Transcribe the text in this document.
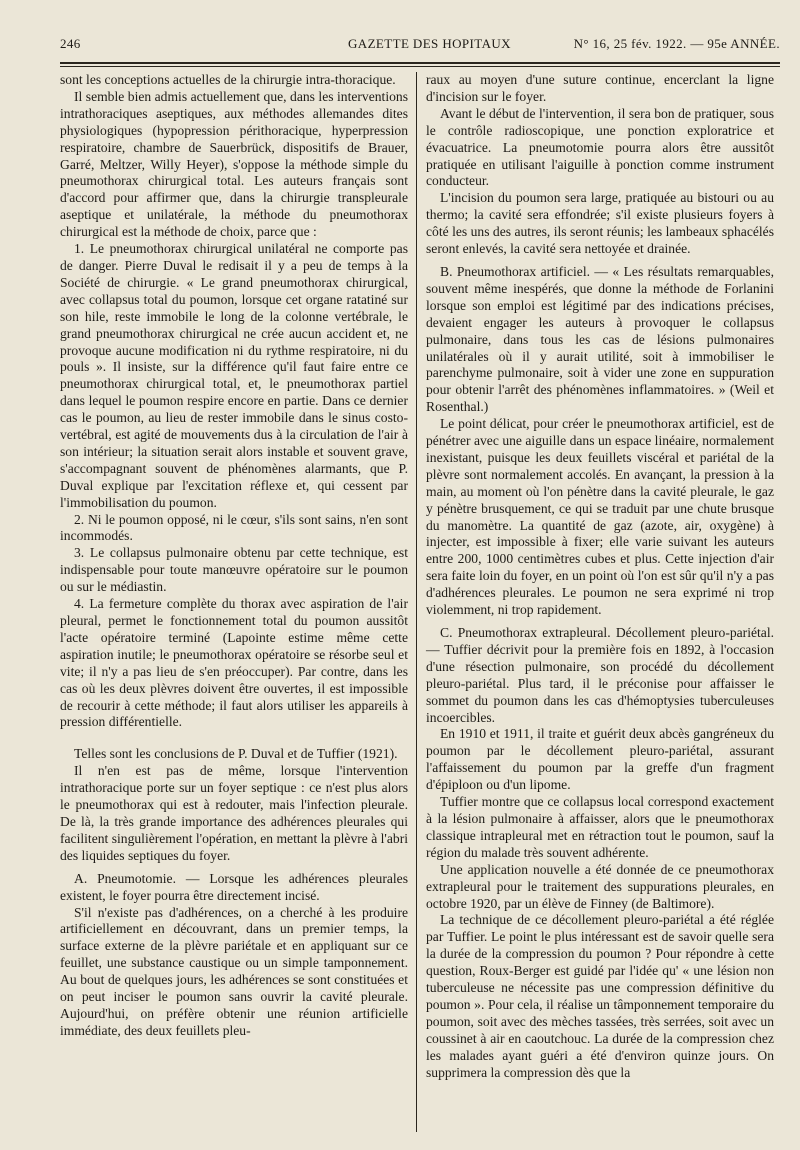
246	GAZETTE DES HOPITAUX	N° 16, 25 fév. 1922. — 95e ANNÉE.

sont les conceptions actuelles de la chirurgie intra-thoracique.

Il semble bien admis actuellement que, dans les interventions intrathoraciques aseptiques, aux méthodes allemandes dites physiologiques (hypopression périthoracique, hyperpression respiratoire, chambre de Sauerbrück, dispositifs de Brauer, Garré, Meltzer, Willy Heyer), s'oppose la méthode simple du pneumothorax chirurgical total. Les auteurs français sont d'accord pour affirmer que, dans la chirurgie transpleurale aseptique et unilatérale, la méthode du pneumothorax chirurgical est la méthode de choix, parce que :

1. Le pneumothorax chirurgical unilatéral ne comporte pas de danger. Pierre Duval le redisait il y a peu de temps à la Société de chirurgie. « Le grand pneumothorax chirurgical, avec collapsus total du poumon, lorsque cet organe ratatiné sur son hile, reste immobile le long de la colonne vertébrale, le grand pneumothorax chirurgical ne crée aucun accident et, ne provoque aucune modification ni du rythme respiratoire, ni du pouls ». Il insiste, sur la différence qu'il faut faire entre ce pneumothorax chirurgical total, et, le pneumothorax partiel dans lequel le poumon respire encore en partie. Dans ce dernier cas le poumon, au lieu de rester immobile dans le sinus costo-vertébral, est agité de mouvements dus à la circulation de l'air à son intérieur; la situation serait alors instable et souvent grave, s'accompagnant souvent de phénomènes alarmants, que P. Duval explique par l'excitation réflexe et, qui cessent par l'immobilisation du poumon.

2. Ni le poumon opposé, ni le cœur, s'ils sont sains, n'en sont incommodés.

3. Le collapsus pulmonaire obtenu par cette technique, est indispensable pour toute manœuvre opératoire sur le poumon ou sur le médiastin.

4. La fermeture complète du thorax avec aspiration de l'air pleural, permet le fonctionnement total du poumon aussitôt l'acte opératoire terminé (Lapointe estime même cette aspiration inutile; le pneumothorax opératoire se résorbe seul et vite; il n'y a pas lieu de s'en préoccuper). Par contre, dans les cas où les deux plèvres doivent être ouvertes, il est impossible de recourir à cette méthode; il faut alors utiliser les appareils à pression différentielle.

Telles sont les conclusions de P. Duval et de Tuffier (1921).

Il n'en est pas de même, lorsque l'intervention intrathoracique porte sur un foyer septique : ce n'est plus alors le pneumothorax qui est à redouter, mais l'infection pleurale. De là, la très grande importance des adhérences pleurales qui facilitent singulièrement l'opération, en mettant la plèvre à l'abri des liquides septiques du foyer.

A. Pneumotomie. — Lorsque les adhérences pleurales existent, le foyer pourra être directement incisé.

S'il n'existe pas d'adhérences, on a cherché à les produire artificiellement en découvrant, dans un premier temps, la surface externe de la plèvre pariétale et en appliquant sur ce feuillet, une substance caustique ou un simple tamponnement. Au bout de quelques jours, les adhérences se sont constituées et on peut inciser le poumon sans ouvrir la cavité pleurale. Aujourd'hui, on préfère obtenir une réunion artificielle immédiate, des deux feuillets pleu-

raux au moyen d'une suture continue, encerclant la ligne d'incision sur le foyer.

Avant le début de l'intervention, il sera bon de pratiquer, sous le contrôle radioscopique, une ponction exploratrice et évacuatrice. La pneumotomie pourra alors être aussitôt pratiquée en utilisant l'aiguille à ponction comme instrument conducteur.

L'incision du poumon sera large, pratiquée au bistouri ou au thermo; la cavité sera effondrée; s'il existe plusieurs foyers à côté les uns des autres, ils seront réunis; les lambeaux sphacélés seront enlevés, la cavité sera nettoyée et drainée.

B. Pneumothorax artificiel. — « Les résultats remarquables, souvent même inespérés, que donne la méthode de Forlanini lorsque son emploi est légitimé par des indications précises, devaient engager les auteurs à provoquer le collapsus pulmonaire, dans tous les cas de lésions pulmonaires unilatérales où il y aurait utilité, soit à immobiliser le parenchyme pulmonaire, soit à vider une zone en suppuration pour obtenir l'arrêt des phénomènes inflammatoires. » (Weil et Rosenthal.)

Le point délicat, pour créer le pneumothorax artificiel, est de pénétrer avec une aiguille dans un espace linéaire, normalement inexistant, puisque les deux feuillets viscéral et pariétal de la plèvre sont normalement accolés. En avançant, la pression à la main, au moment où l'on pénètre dans la cavité pleurale, le gaz y pénètre brusquement, ce qui se traduit par une chute brusque du manomètre. La quantité de gaz (azote, air, oxygène) à injecter, est impossible à fixer; elle varie suivant les auteurs entre 200, 1000 centimètres cubes et plus. Cette injection d'air sera faite loin du foyer, en un point où l'on est sûr qu'il n'y a pas d'adhérences pleurales. Le poumon ne sera exprimé ni trop violemment, ni trop rapidement.

C. Pneumothorax extrapleural. Décollement pleuro-pariétal. — Tuffier décrivit pour la première fois en 1892, à l'occasion d'une résection pulmonaire, son procédé du décollement pleuro-pariétal. Plus tard, il le préconise pour affaisser le sommet du poumon dans les cas d'hémoptysies tuberculeuses incoercibles.

En 1910 et 1911, il traite et guérit deux abcès gangréneux du poumon par le décollement pleuro-pariétal, assurant l'affaissement du poumon par la greffe d'un fragment d'épiploon ou d'un lipome.

Tuffier montre que ce collapsus local correspond exactement à la lésion pulmonaire à affaisser, alors que le pneumothorax classique intrapleural met en rétraction tout le poumon, sauf la région du malade très souvent adhérente.

Une application nouvelle a été donnée de ce pneumothorax extrapleural pour le traitement des suppurations pleurales, en octobre 1920, par un élève de Finney (de Baltimore).

La technique de ce décollement pleuro-pariétal a été réglée par Tuffier. Le point le plus intéressant est de savoir quelle sera la durée de la compression du poumon ? Pour répondre à cette question, Roux-Berger est guidé par l'idée qu' « une lésion non tuberculeuse ne nécessite pas une compression définitive du poumon ». Pour cela, il réalise un tâmponnement temporaire du poumon, soit avec des mèches tassées, très serrées, soit avec un coussinet à air en caoutchouc. La durée de la compression chez les malades ayant guéri a été d'environ quinze jours. On supprimera la compression dès que la
